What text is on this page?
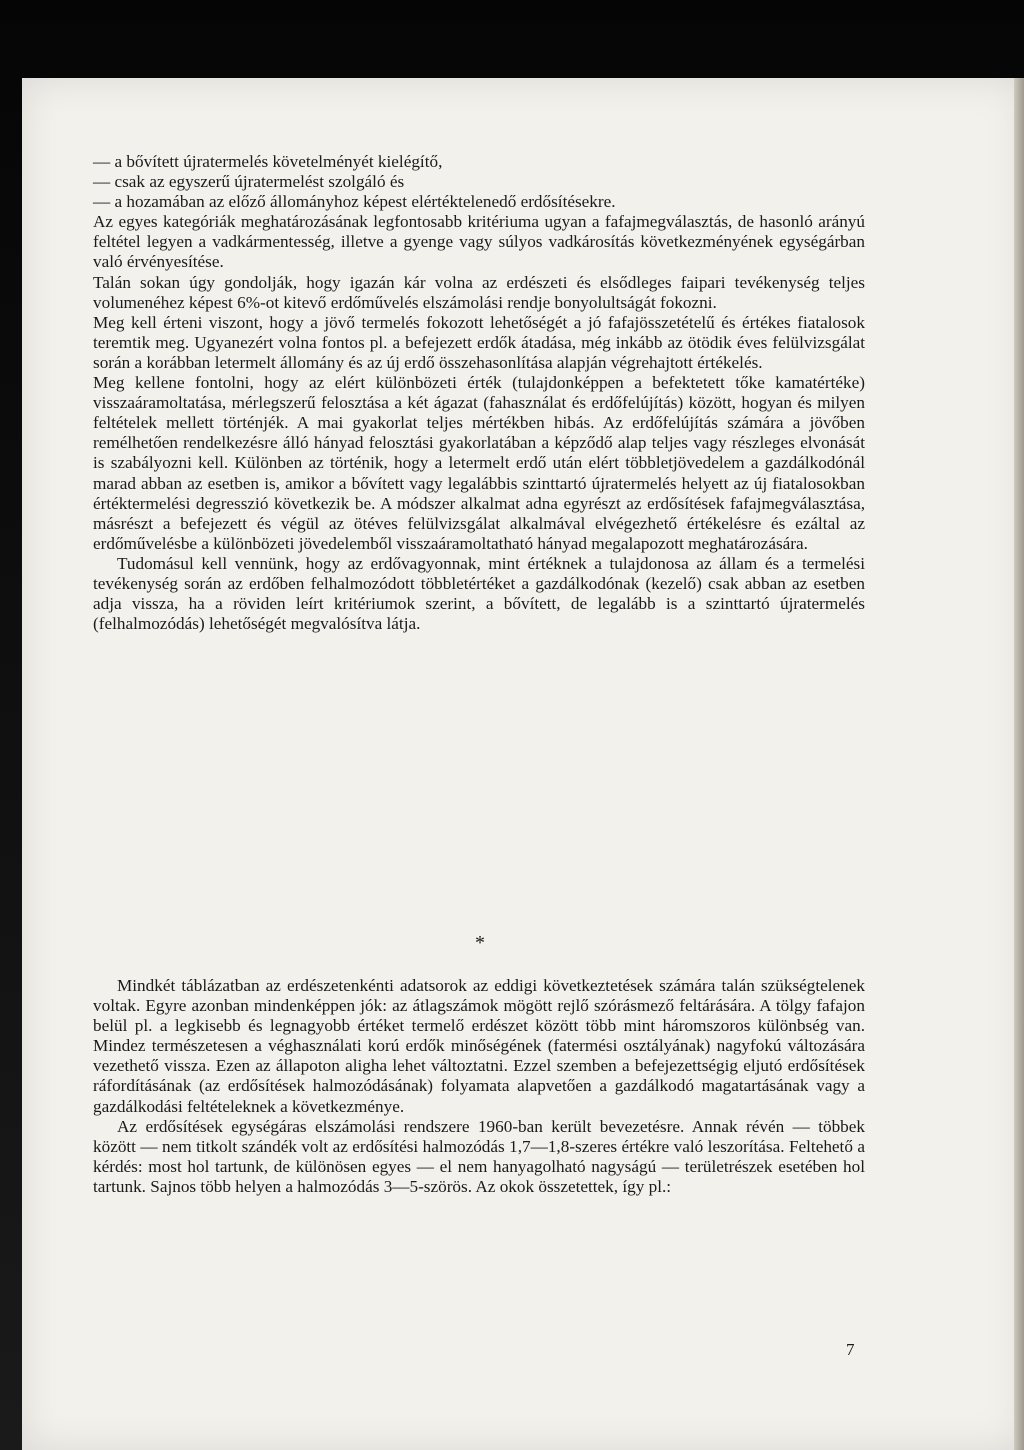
— a bővített újratermelés követelményét kielégítő,

— csak az egyszerű újratermelést szolgáló és

— a hozamában az előző állományhoz képest elértéktelenedő erdősítésekre.

Az egyes kategóriák meghatározásának legfontosabb kritériuma ugyan a fafajmegválasztás, de hasonló arányú feltétel legyen a vadkármentesség, illetve a gyenge vagy súlyos vadkárosítás következményének egységárban való érvényesítése.

Talán sokan úgy gondolják, hogy igazán kár volna az erdészeti és elsődleges faipari tevékenység teljes volumenéhez képest 6%-ot kitevő erdőművelés elszámolási rendje bonyolultságát fokozni.

Meg kell érteni viszont, hogy a jövő termelés fokozott lehetőségét a jó fafajösszetételű és értékes fiatalosok teremtik meg. Ugyanezért volna fontos pl. a befejezett erdők átadása, még inkább az ötödik éves felülvizsgálat során a korábban letermelt állomány és az új erdő összehasonlítása alapján végrehajtott értékelés.

Meg kellene fontolni, hogy az elért különbözeti érték (tulajdonképpen a befektetett tőke kamatértéke) visszaáramoltatása, mérlegszerű felosztása a két ágazat (fahasználat és erdőfelújítás) között, hogyan és milyen feltételek mellett történjék. A mai gyakorlat teljes mértékben hibás. Az erdőfelújítás számára a jövőben remélhetően rendelkezésre álló hányad felosztási gyakorlatában a képződő alap teljes vagy részleges elvonását is szabályozni kell. Különben az történik, hogy a letermelt erdő után elért többletjövedelem a gazdálkodónál marad abban az esetben is, amikor a bővített vagy legalábbis szinttartó újratermelés helyett az új fiatalosokban értéktermelési degresszió következik be. A módszer alkalmat adna egyrészt az erdősítések fafajmegválasztása, másrészt a befejezett és végül az ötéves felülvizsgálat alkalmával elvégezhető értékelésre és ezáltal az erdőművelésbe a különbözeti jövedelemből visszaáramoltatható hányad megalapozott meghatározására.

Tudomásul kell vennünk, hogy az erdővagyonnak, mint értéknek a tulajdonosa az állam és a termelési tevékenység során az erdőben felhalmozódott többletértéket a gazdálkodónak (kezelő) csak abban az esetben adja vissza, ha a röviden leírt kritériumok szerint, a bővített, de legalább is a szinttartó újratermelés (felhalmozódás) lehetőségét megvalósítva látja.

*

Mindkét táblázatban az erdészetenkénti adatsorok az eddigi következtetések számára talán szükségtelenek voltak. Egyre azonban mindenképpen jók: az átlagszámok mögött rejlő szórásmező feltárására. A tölgy fafajon belül pl. a legkisebb és legnagyobb értéket termelő erdészet között több mint háromszoros különbség van. Mindez természetesen a véghasználati korú erdők minőségének (fatermési osztályának) nagyfokú változására vezethető vissza. Ezen az állapoton aligha lehet változtatni. Ezzel szemben a befejezettségig eljutó erdősítések ráfordításának (az erdősítések halmozódásának) folyamata alapvetően a gazdálkodó magatartásának vagy a gazdálkodási feltételeknek a következménye.

Az erdősítések egységáras elszámolási rendszere 1960-ban került bevezetésre. Annak révén — többek között — nem titkolt szándék volt az erdősítési halmozódás 1,7—1,8-szeres értékre való leszorítása. Feltehető a kérdés: most hol tartunk, de különösen egyes — el nem hanyagolható nagyságú — területrészek esetében hol tartunk. Sajnos több helyen a halmozódás 3—5-szörös. Az okok összetettek, így pl.:

7
